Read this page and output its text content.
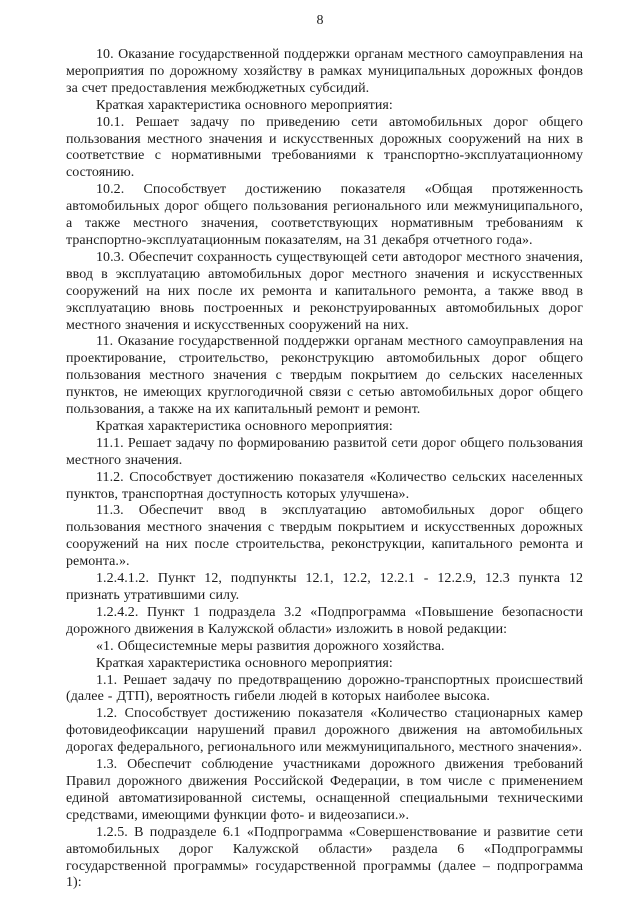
8

10. Оказание государственной поддержки органам местного самоуправления на мероприятия по дорожному хозяйству в рамках муниципальных дорожных фондов за счет предоставления межбюджетных субсидий.

Краткая характеристика основного мероприятия:

10.1. Решает задачу по приведению сети автомобильных дорог общего пользования местного значения и искусственных дорожных сооружений на них в соответствие с нормативными требованиями к транспортно-эксплуатационному состоянию.

10.2. Способствует достижению показателя «Общая протяженность автомобильных дорог общего пользования регионального или межмуниципального, а также местного значения, соответствующих нормативным требованиям к транспортно-эксплуатационным показателям, на 31 декабря отчетного года».

10.3. Обеспечит сохранность существующей сети автодорог местного значения, ввод в эксплуатацию автомобильных дорог местного значения и искусственных сооружений на них после их ремонта и капитального ремонта, а также ввод в эксплуатацию вновь построенных и реконструированных автомобильных дорог местного значения и искусственных сооружений на них.

11. Оказание государственной поддержки органам местного самоуправления на проектирование, строительство, реконструкцию автомобильных дорог общего пользования местного значения с твердым покрытием до сельских населенных пунктов, не имеющих круглогодичной связи с сетью автомобильных дорог общего пользования, а также на их капитальный ремонт и ремонт.

Краткая характеристика основного мероприятия:

11.1. Решает задачу по формированию развитой сети дорог общего пользования местного значения.

11.2. Способствует достижению показателя «Количество сельских населенных пунктов, транспортная доступность которых улучшена».

11.3. Обеспечит ввод в эксплуатацию автомобильных дорог общего пользования местного значения с твердым покрытием и искусственных дорожных сооружений на них после строительства, реконструкции, капитального ремонта и ремонта.».

1.2.4.1.2. Пункт 12, подпункты 12.1, 12.2, 12.2.1 - 12.2.9, 12.3 пункта 12 признать утратившими силу.

1.2.4.2. Пункт 1 подраздела 3.2 «Подпрограмма «Повышение безопасности дорожного движения в Калужской области» изложить в новой редакции:

«1. Общесистемные меры развития дорожного хозяйства.

Краткая характеристика основного мероприятия:

1.1. Решает задачу по предотвращению дорожно-транспортных происшествий (далее - ДТП), вероятность гибели людей в которых наиболее высока.

1.2. Способствует достижению показателя «Количество стационарных камер фотовидеофиксации нарушений правил дорожного движения на автомобильных дорогах федерального, регионального или межмуниципального, местного значения».

1.3. Обеспечит соблюдение участниками дорожного движения требований Правил дорожного движения Российской Федерации, в том числе с применением единой автоматизированной системы, оснащенной специальными техническими средствами, имеющими функции фото- и видеозаписи.».

1.2.5. В подразделе 6.1 «Подпрограмма «Совершенствование и развитие сети автомобильных дорог Калужской области» раздела 6 «Подпрограммы государственной программы» государственной программы (далее – подпрограмма 1):
